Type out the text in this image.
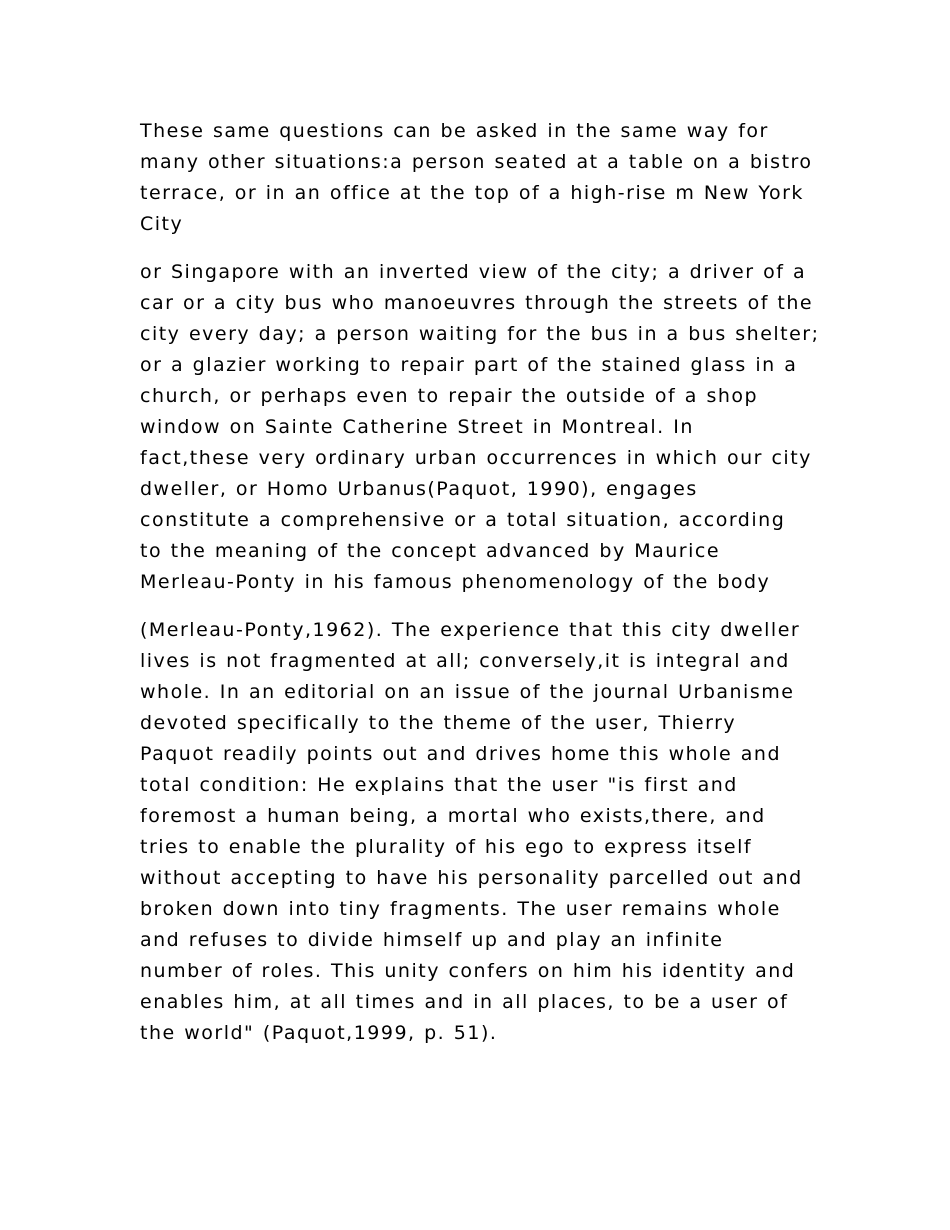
These same questions can be asked in the same way for
many other situations:a person seated at a table on a bistro
terrace, or in an office at the top of a high-rise m New York
City

or Singapore with an inverted view of the city; a driver of a
car or a city bus who manoeuvres through the streets of the
city every day; a person waiting for the bus in a bus shelter;
or a glazier working to repair part of the stained glass in a
church, or perhaps even to repair the outside of a shop
window on Sainte Catherine Street in Montreal. In
fact,these very ordinary urban occurrences in which our city
dweller, or Homo Urbanus(Paquot, 1990), engages
constitute a comprehensive or a total situation, according
to the meaning of the concept advanced by Maurice
Merleau-Ponty in his famous phenomenology of the body

(Merleau-Ponty,1962). The experience that this city dweller
lives is not fragmented at all; conversely,it is integral and
whole. In an editorial on an issue of the journal Urbanisme
devoted specifically to the theme of the user, Thierry
Paquot readily points out and drives home this whole and
total condition: He explains that the user "is first and
foremost a human being, a mortal who exists,there, and
tries to enable the plurality of his ego to express itself
without accepting to have his personality parcelled out and
broken down into tiny fragments. The user remains whole
and refuses to divide himself up and play an infinite
number of roles. This unity confers on him his identity and
enables him, at all times and in all places, to be a user of
the world" (Paquot,1999, p. 51).
